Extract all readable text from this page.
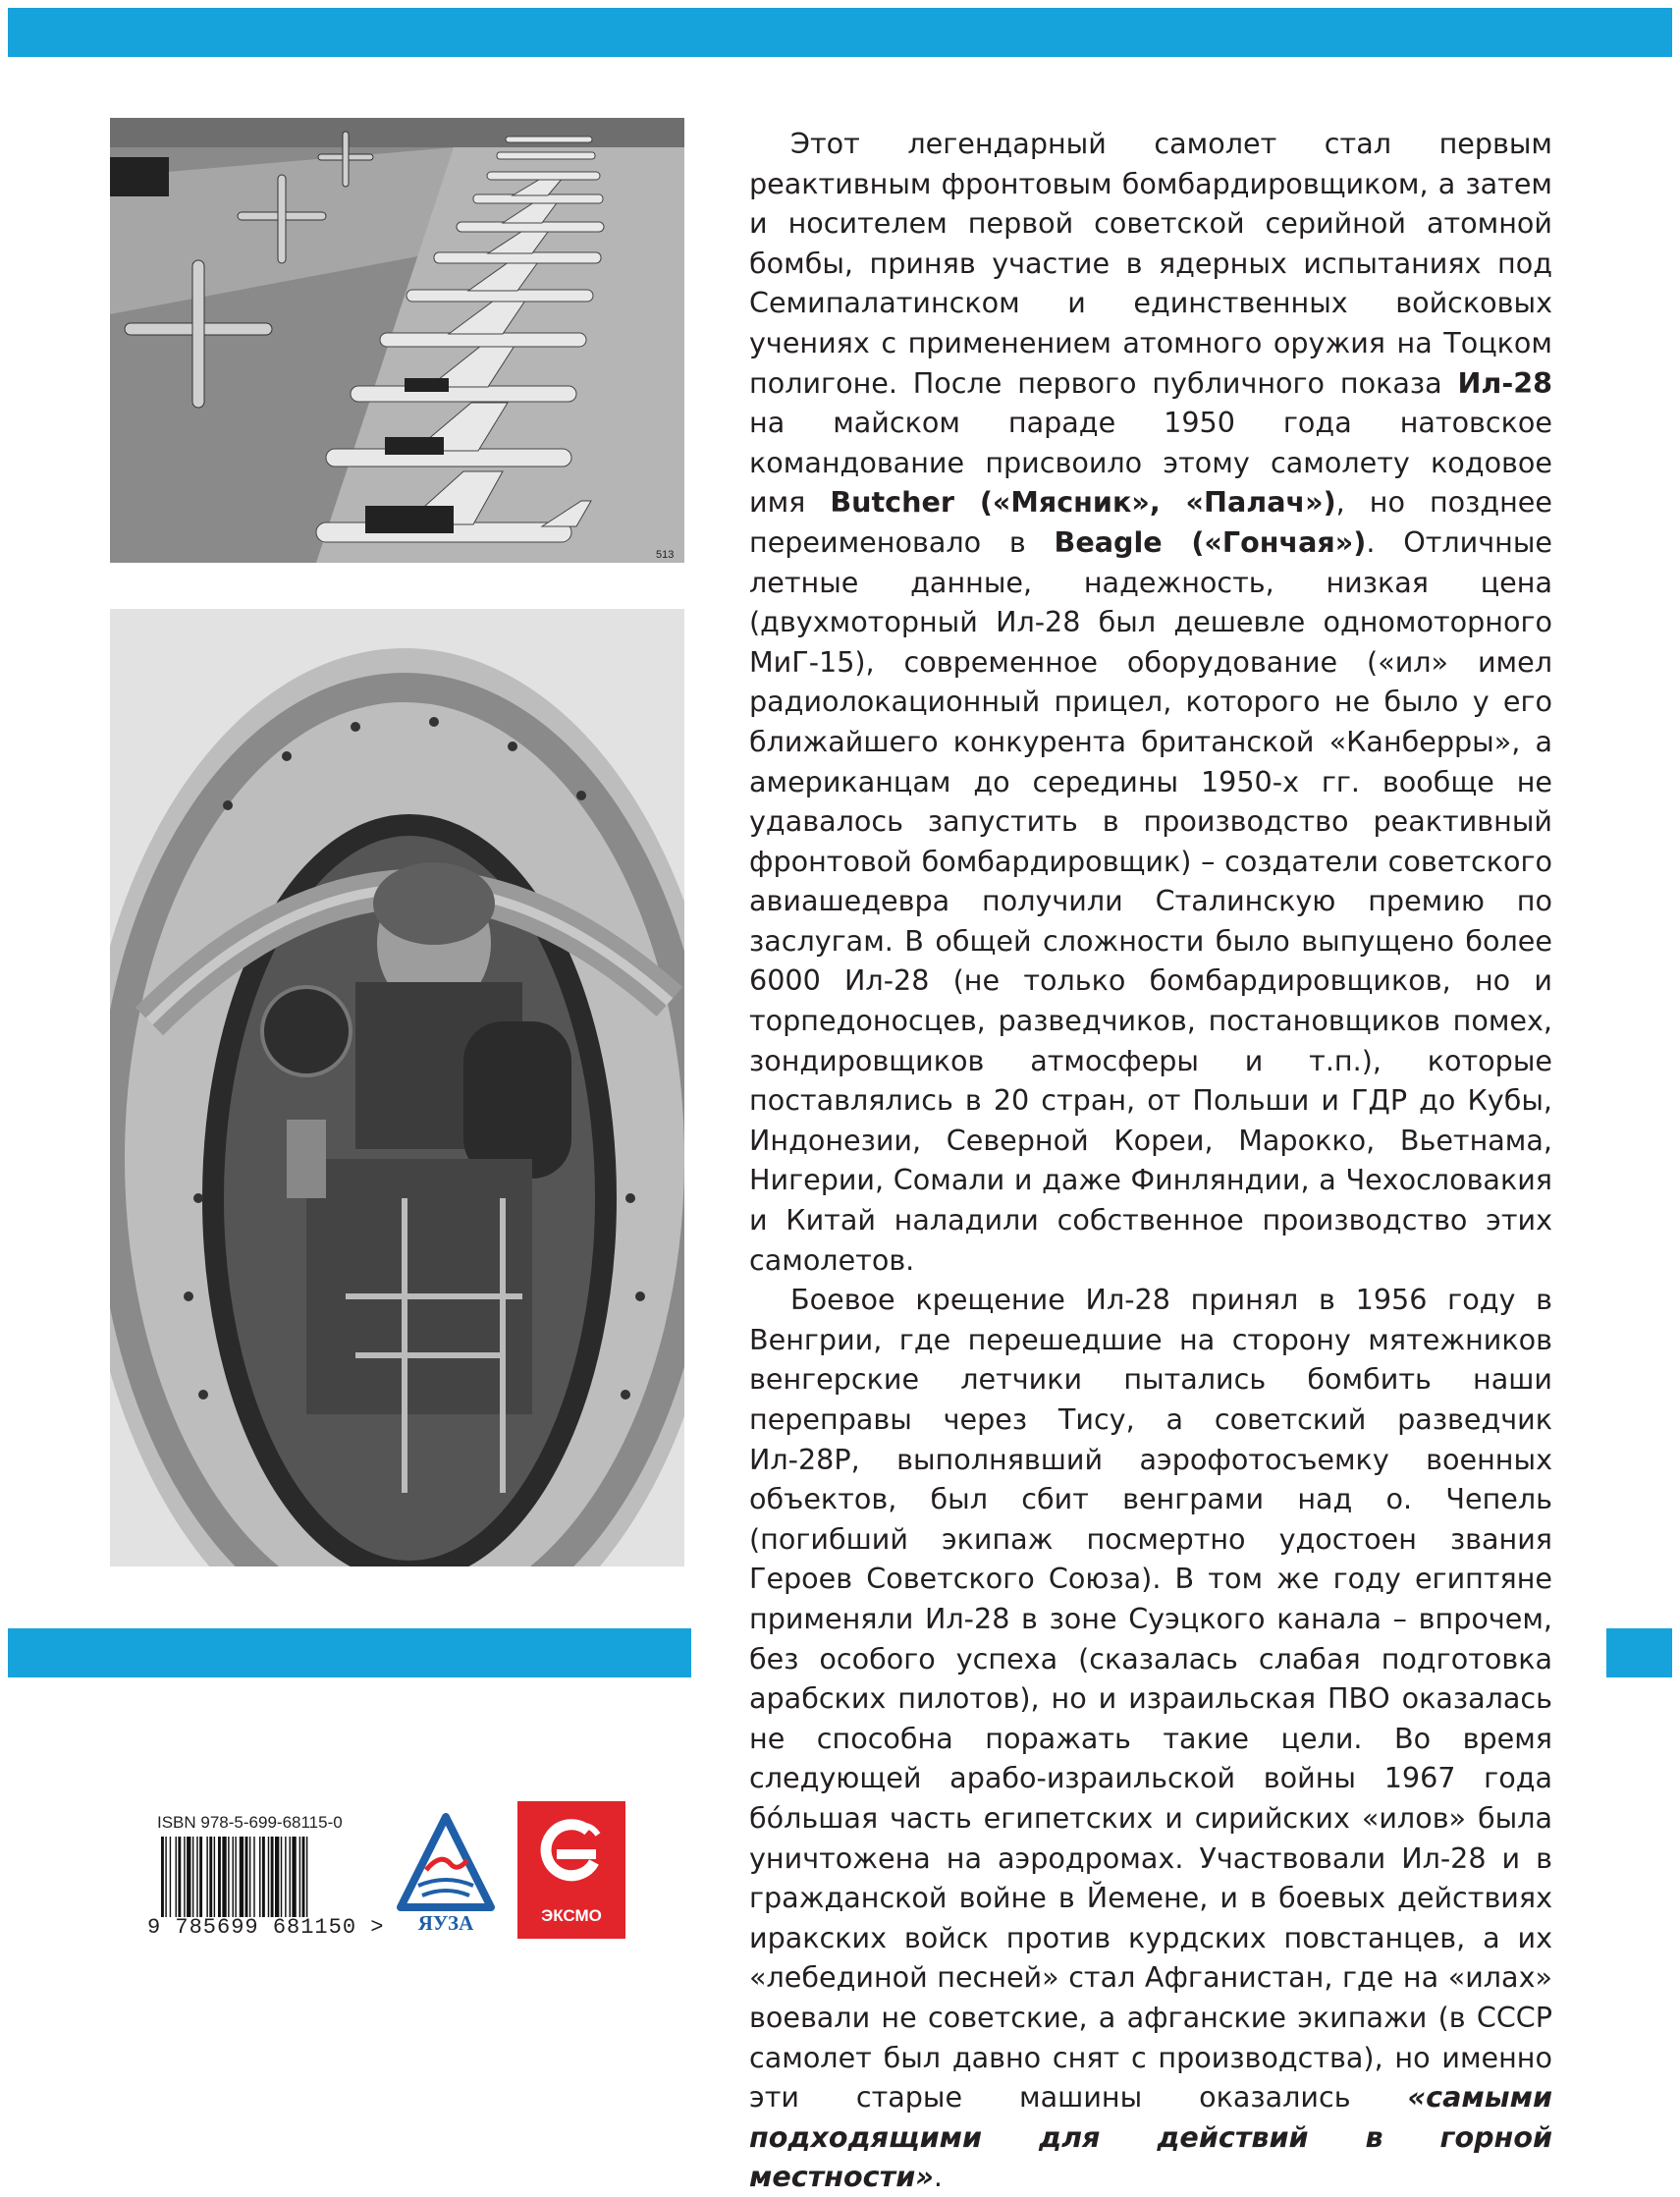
513

Этот легендарный самолет стал первым реактивным фронтовым бомбардировщиком, а затем и носителем первой советской серийной атомной бомбы, приняв участие в ядерных испытаниях под Семипалатинском и единственных войсковых учениях с применением атомного оружия на Тоцком полигоне. После первого публичного показа Ил-28 на майском параде 1950 года натовское командование присвоило этому самолету кодовое имя Butcher («Мясник», «Палач»), но позднее переименовало в Beagle («Гончая»). Отличные летные данные, надежность, низкая цена (двухмоторный Ил-28 был дешевле одномоторного МиГ-15), современное оборудование («ил» имел радиолокационный прицел, которого не было у его ближайшего конкурента британской «Канберры», а американцам до середины 1950-х гг. вообще не удавалось запустить в производство реактивный фронтовой бомбардировщик) – создатели советского авиашедевра получили Сталинскую премию по заслугам. В общей сложности было выпущено более 6000 Ил-28 (не только бомбардировщиков, но и торпедоносцев, разведчиков, постановщиков помех, зондировщиков атмосферы и т.п.), которые поставлялись в 20 стран, от Польши и ГДР до Кубы, Индонезии, Северной Кореи, Марокко, Вьетнама, Нигерии, Сомали и даже Финляндии, а Чехословакия и Китай наладили собственное производство этих самолетов.

Боевое крещение Ил-28 принял в 1956 году в Венгрии, где перешедшие на сторону мятежников венгерские летчики пытались бомбить наши переправы через Тису, а советский разведчик Ил-28Р, выполнявший аэрофотосъемку военных объектов, был сбит венграми над о. Чепель (погибший экипаж посмертно удостоен звания Героев Советского Союза). В том же году египтяне применяли Ил-28 в зоне Суэцкого канала – впрочем, без особого успеха (сказалась слабая подготовка арабских пилотов), но и израильская ПВО оказалась не способна поражать такие цели. Во время следующей арабо-израильской войны 1967 года бо́льшая часть египетских и сирийских «илов» была уничтожена на аэродромах. Участвовали Ил-28 и в гражданской войне в Йемене, и в боевых действиях иракских войск против курдских повстанцев, а их «лебединой песней» стал Афганистан, где на «илах» воевали не советские, а афганские экипажи (в СССР самолет был давно снят с производства), но именно эти старые машины оказались «самыми подходящими для действий в горной местности».

ISBN 978-5-699-68115-0
9 785699 681150 >	ЯУЗА	ЭКСМО
